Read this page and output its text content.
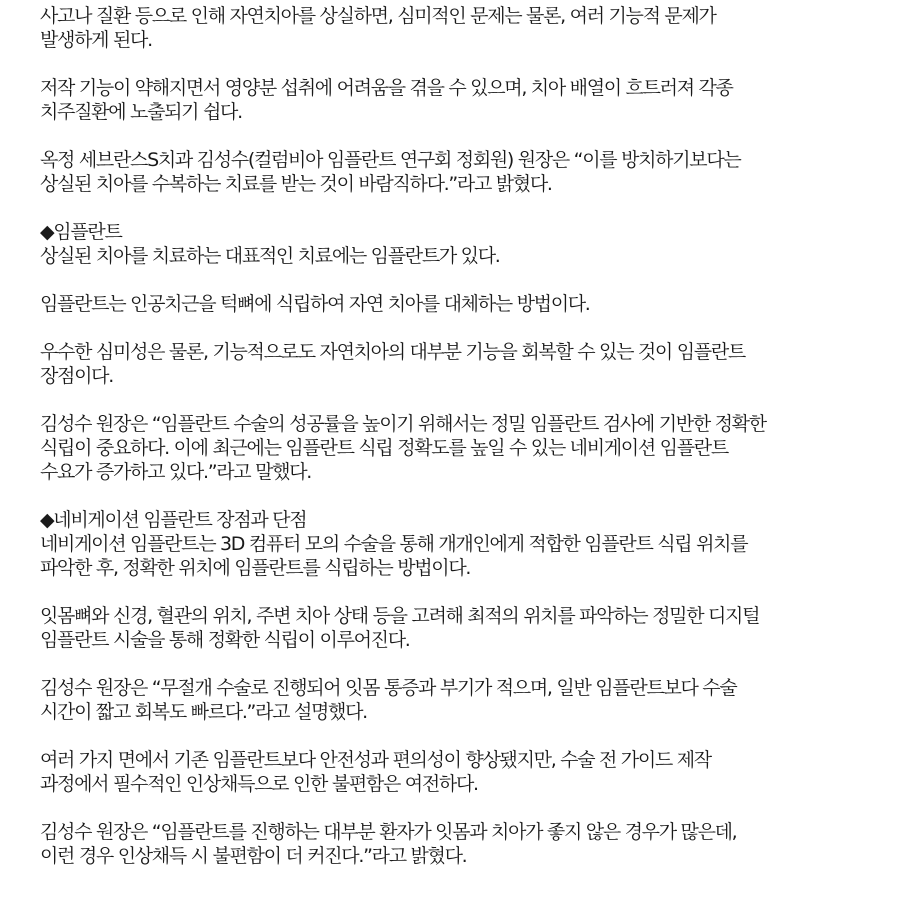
사고나 질환 등으로 인해 자연치아를 상실하면, 심미적인 문제는 물론, 여러 기능적 문제가
발생하게 된다.

저작 기능이 약해지면서 영양분 섭취에 어려움을 겪을 수 있으며, 치아 배열이 흐트러져 각종
치주질환에 노출되기 쉽다.

옥정 세브란스S치과 김성수(컬럼비아 임플란트 연구회 정회원) 원장은 “이를 방치하기보다는
상실된 치아를 수복하는 치료를 받는 것이 바람직하다.”라고 밝혔다.

◆임플란트
상실된 치아를 치료하는 대표적인 치료에는 임플란트가 있다.

임플란트는 인공치근을 턱뼈에 식립하여 자연 치아를 대체하는 방법이다.

우수한 심미성은 물론, 기능적으로도 자연치아의 대부분 기능을 회복할 수 있는 것이 임플란트
장점이다.

김성수 원장은 “임플란트 수술의 성공률을 높이기 위해서는 정밀 임플란트 검사에 기반한 정확한
식립이 중요하다. 이에 최근에는 임플란트 식립 정확도를 높일 수 있는 네비게이션 임플란트
수요가 증가하고 있다.”라고 말했다.

◆네비게이션 임플란트 장점과 단점
네비게이션 임플란트는 3D 컴퓨터 모의 수술을 통해 개개인에게 적합한 임플란트 식립 위치를
파악한 후, 정확한 위치에 임플란트를 식립하는 방법이다.

잇몸뼈와 신경, 혈관의 위치, 주변 치아 상태 등을 고려해 최적의 위치를 파악하는 정밀한 디지털
임플란트 시술을 통해 정확한 식립이 이루어진다.

김성수 원장은 “무절개 수술로 진행되어 잇몸 통증과 부기가 적으며, 일반 임플란트보다 수술
시간이 짧고 회복도 빠르다.”라고 설명했다.

여러 가지 면에서 기존 임플란트보다 안전성과 편의성이 향상됐지만, 수술 전 가이드 제작
과정에서 필수적인 인상채득으로 인한 불편함은 여전하다.

김성수 원장은 “임플란트를 진행하는 대부분 환자가 잇몸과 치아가 좋지 않은 경우가 많은데,
이런 경우 인상채득 시 불편함이 더 커진다.”라고 밝혔다.
